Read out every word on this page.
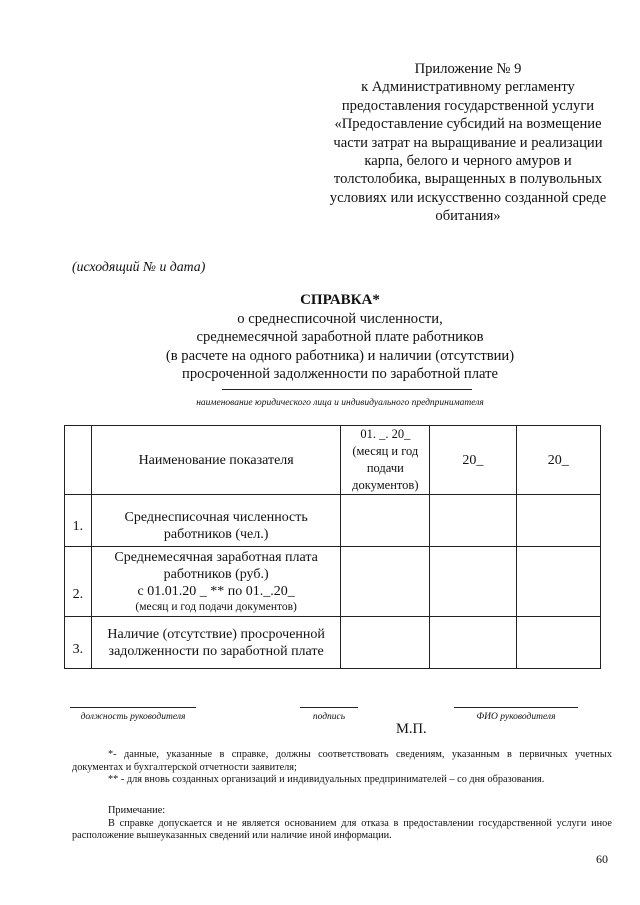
Приложение № 9
к Административному регламенту
предоставления государственной услуги
«Предоставление субсидий на возмещение
части затрат на выращивание и реализации
карпа, белого и черного амуров и
толстолобика, выращенных в полувольных
условиях или искусственно созданной среде
обитания»
(исходящий № и дата)
СПРАВКА*
о среднесписочной численности,
среднемесячной заработной плате работников
(в расчете на одного работника) и наличии (отсутствии)
просроченной задолженности по заработной плате
наименование юридического лица и индивидуального предпринимателя
	Наименование показателя	01. _. 20_
(месяц и год
подачи
документов)	20_	20_
1.	Среднесписочная численность
работников (чел.)			

2.	Среднемесячная заработная плата
работников (руб.)
с 01.01.20 _ ** по 01._.20_
(месяц и год подачи документов)			

3.	Наличие (отсутствие) просроченной
задолженности по заработной плате			

должность руководителя	подпись	ФИО руководителя
М.П.

*- данные, указанные в справке, должны соответствовать сведениям, указанным в первичных учетных документах и бухгалтерской отчетности заявителя;

** - для вновь созданных организаций и индивидуальных предпринимателей – со дня образования.

Примечание:

В справке допускается и не является основанием для отказа в предоставлении государственной услуги иное расположение вышеуказанных сведений или наличие иной информации.

60
